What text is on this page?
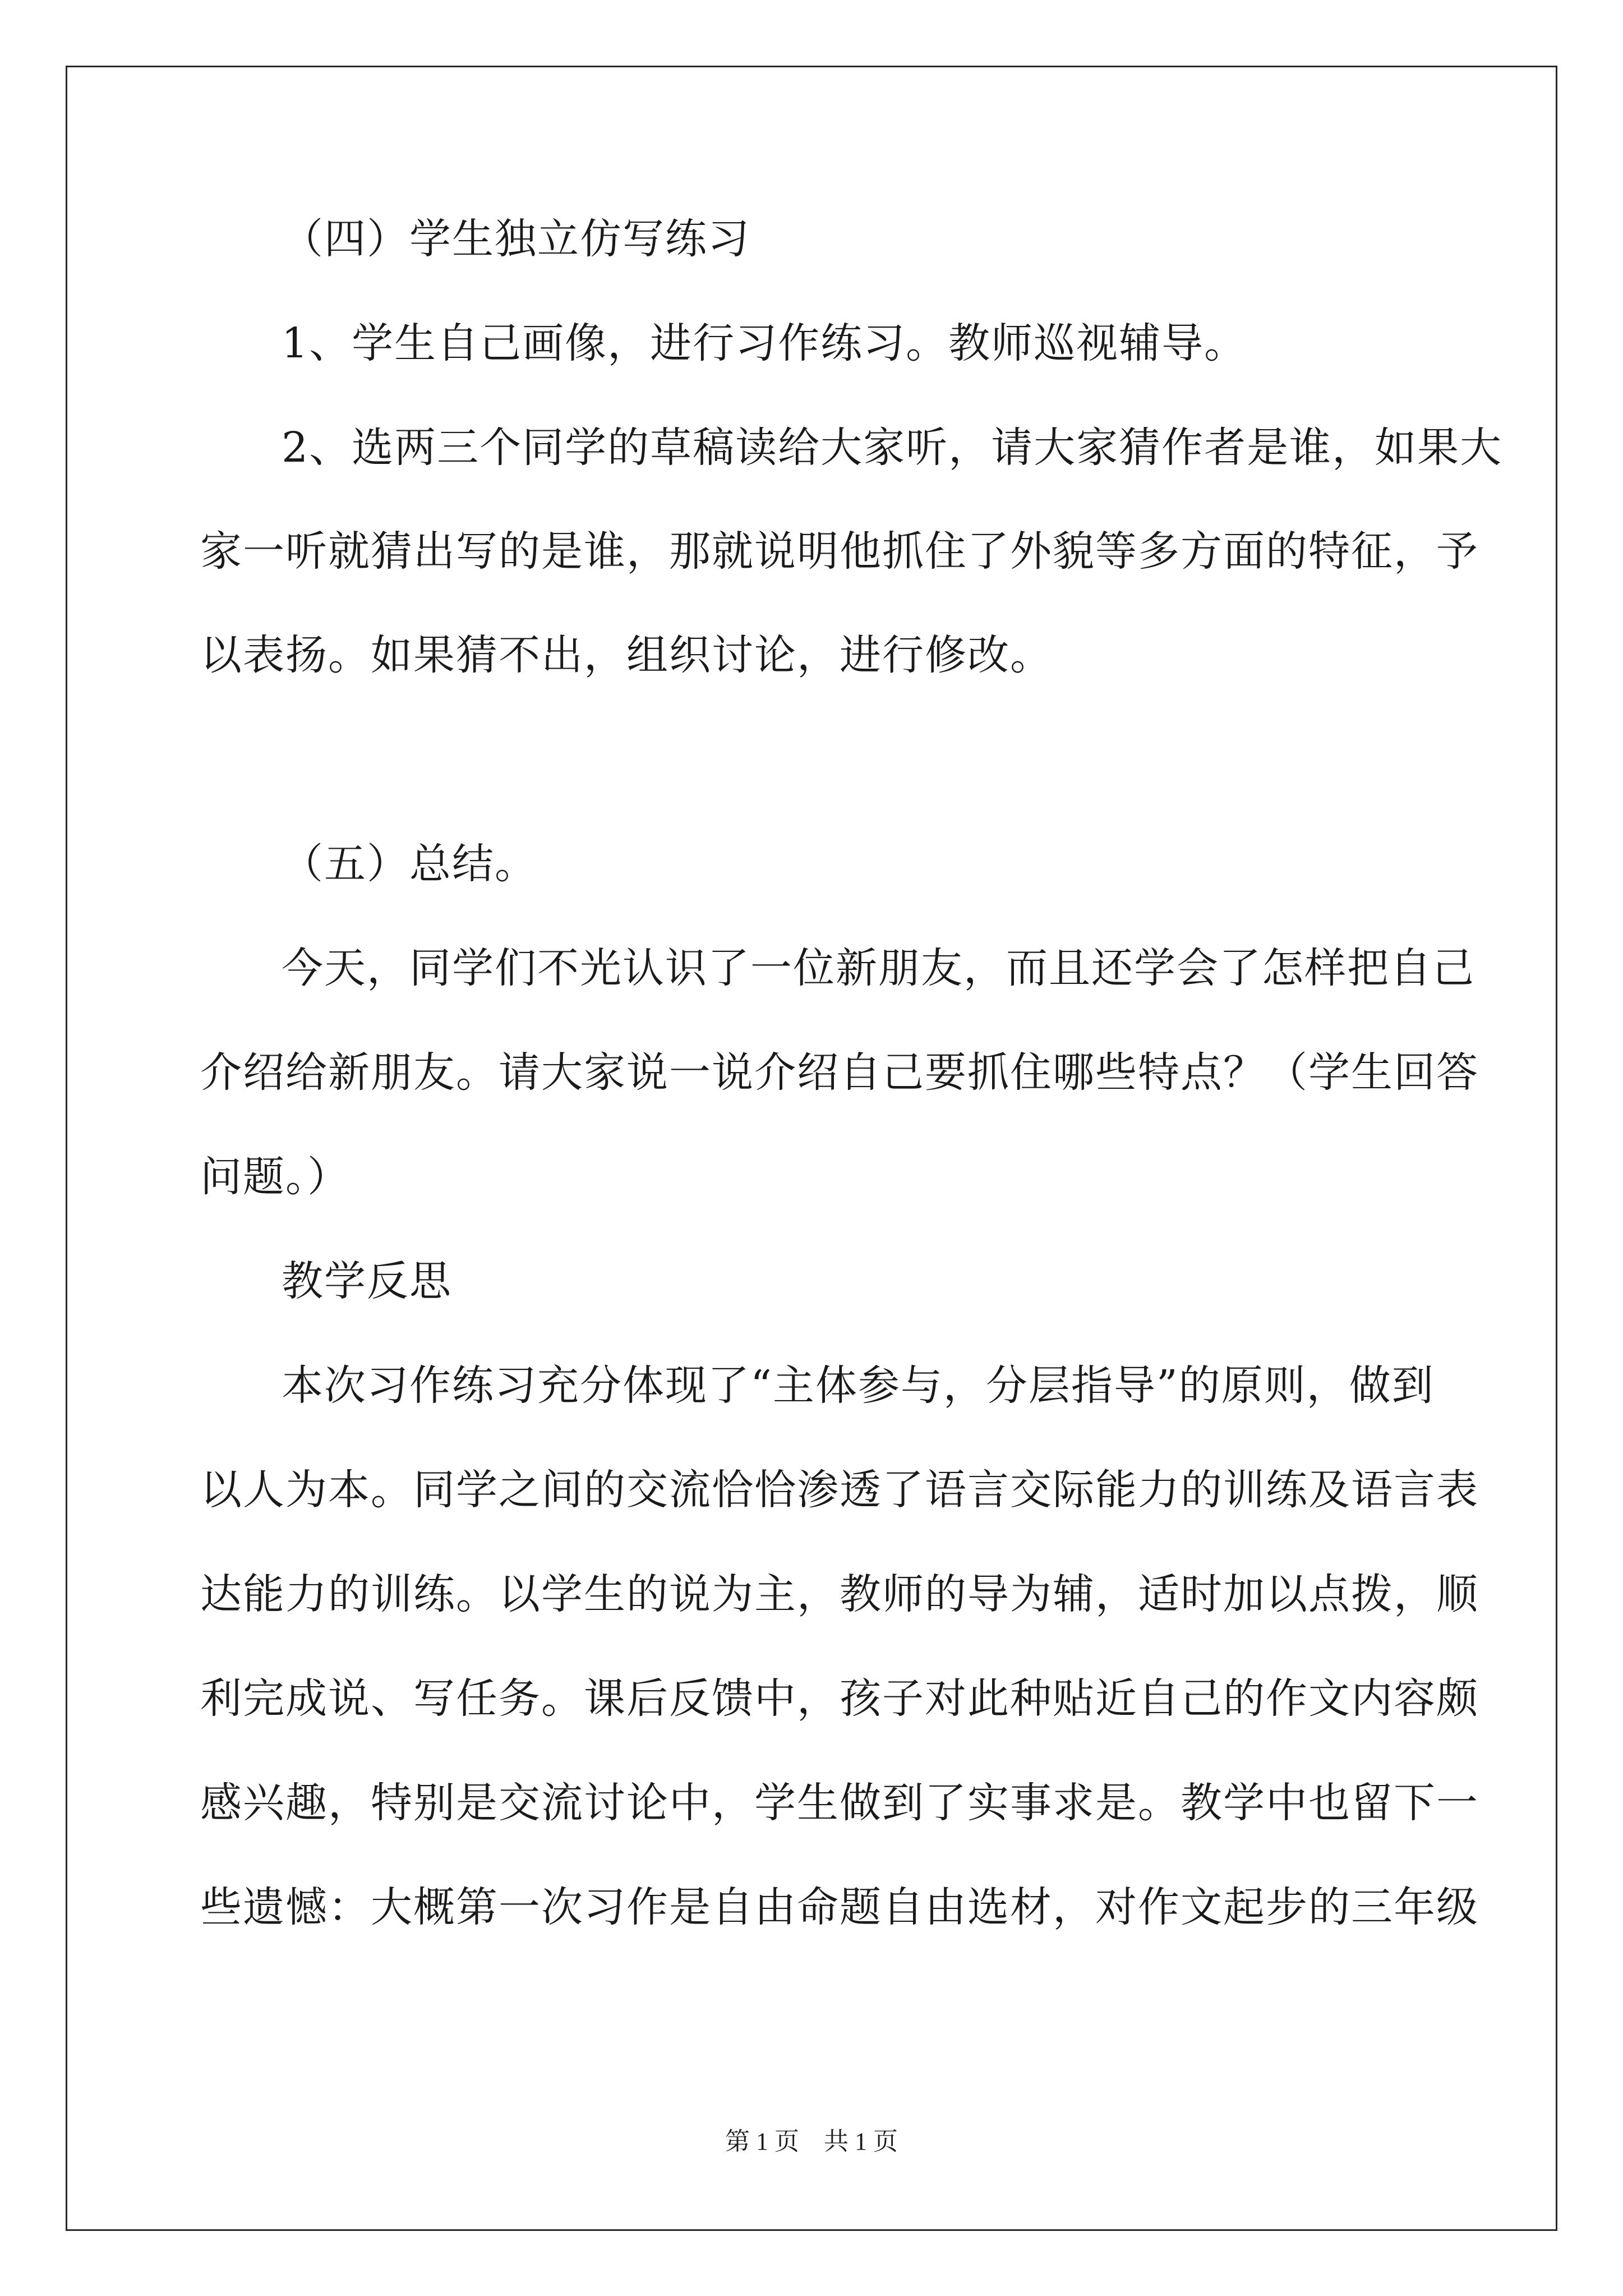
（四）学生独立仿写练习
1、学生自己画像，进行习作练习。教师巡视辅导。
2、选两三个同学的草稿读给大家听，请大家猜作者是谁，如果大
家一听就猜出写的是谁，那就说明他抓住了外貌等多方面的特征，予
以表扬。如果猜不出，组织讨论，进行修改。
（五）总结。
今天，同学们不光认识了一位新朋友，而且还学会了怎样把自己
介绍给新朋友。请大家说一说介绍自己要抓住哪些特点？（学生回答
问题。）
教学反思
本次习作练习充分体现了“主体参与，分层指导”的原则，做到
以人为本。同学之间的交流恰恰渗透了语言交际能力的训练及语言表
达能力的训练。以学生的说为主，教师的导为辅，适时加以点拨，顺
利完成说、写任务。课后反馈中，孩子对此种贴近自己的作文内容颇
感兴趣，特别是交流讨论中，学生做到了实事求是。教学中也留下一
些遗憾：大概第一次习作是自由命题自由选材，对作文起步的三年级
第 1 页　共 1 页
